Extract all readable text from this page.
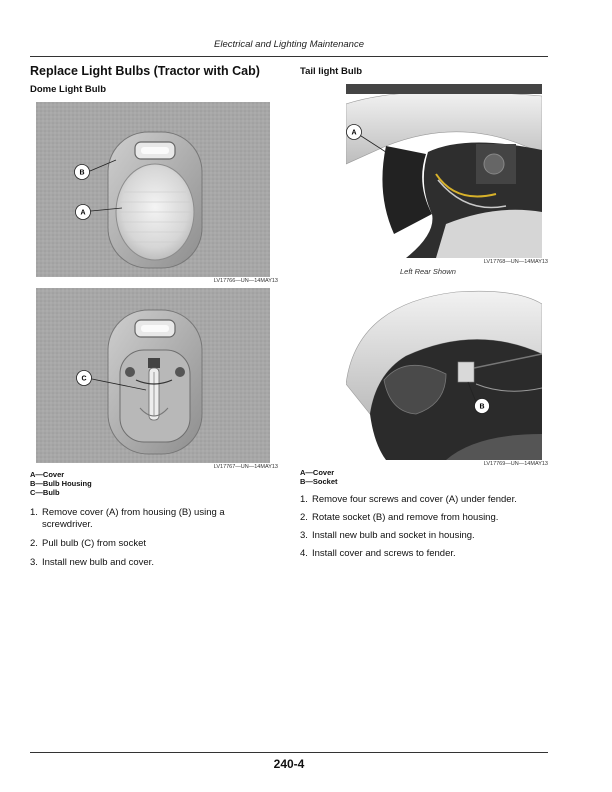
Electrical and Lighting Maintenance
Replace Light Bulbs (Tractor with Cab)
Dome Light Bulb
B
A
LV17766—UN—14MAY13
C
LV17767—UN—14MAY13
A—Cover
B—Bulb Housing
C—Bulb
1. Remove cover (A) from housing (B) using a screwdriver.
2. Pull bulb (C) from socket
3. Install new bulb and cover.
Tail light Bulb
A
LV17768—UN—14MAY13
Left Rear Shown
B
LV17769—UN—14MAY13
A—Cover
B—Socket
1. Remove four screws and cover (A) under fender.
2. Rotate socket (B) and remove from housing.
3. Install new bulb and socket in housing.
4. Install cover and screws to fender.
240-4
